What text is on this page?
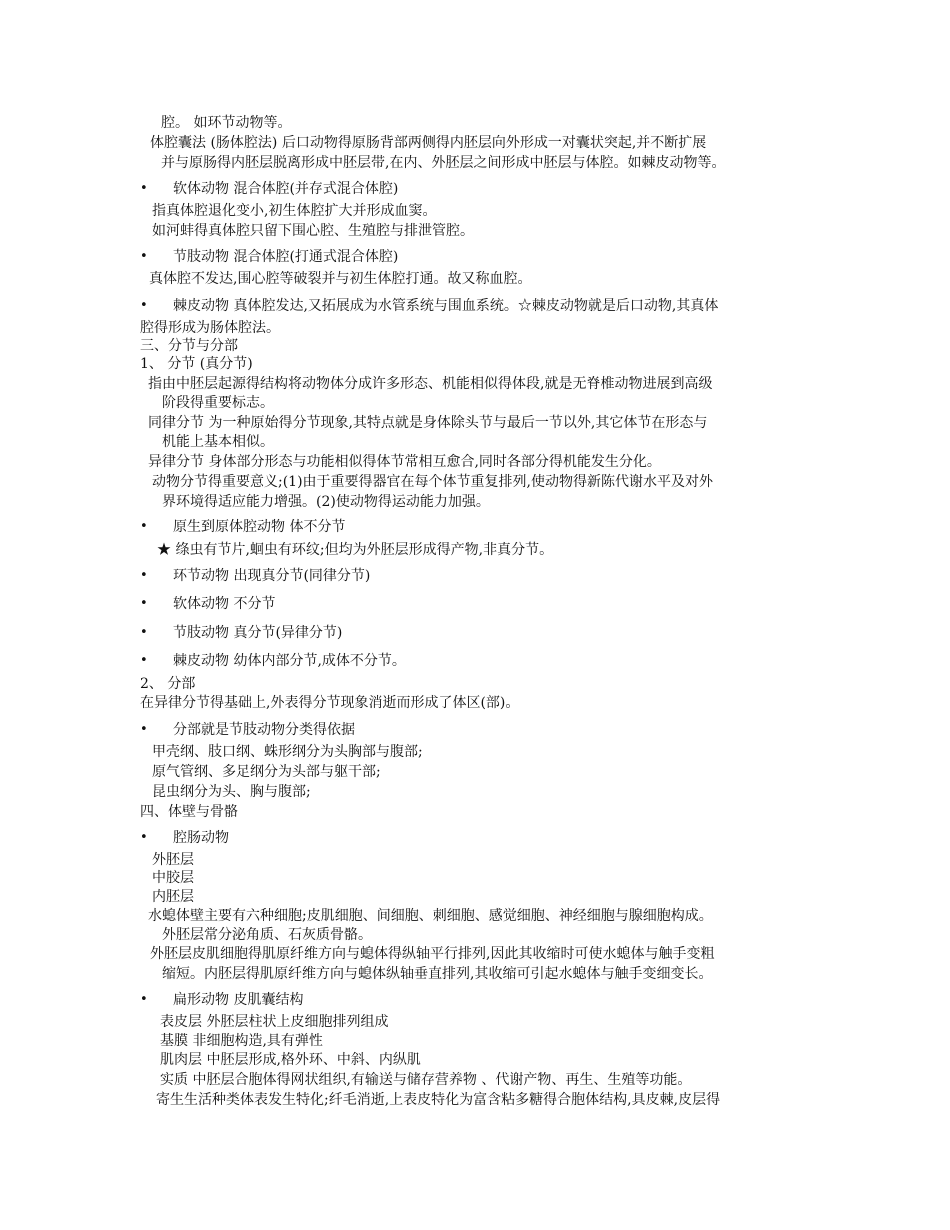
腔。 如环节动物等。
体腔囊法 (肠体腔法) 后口动物得原肠背部两侧得内胚层向外形成一对囊状突起,并不断扩展
并与原肠得内胚层脱离形成中胚层带,在内、外胚层之间形成中胚层与体腔。如棘皮动物等。
• 软体动物 混合体腔(并存式混合体腔)
指真体腔退化变小,初生体腔扩大并形成血窦。
如河蚌得真体腔只留下围心腔、生殖腔与排泄管腔。
• 节肢动物 混合体腔(打通式混合体腔)
真体腔不发达,围心腔等破裂并与初生体腔打通。故又称血腔。
• 棘皮动物 真体腔发达,又拓展成为水管系统与围血系统。☆棘皮动物就是后口动物,其真体
腔得形成为肠体腔法。
三、分节与分部
1、 分节 (真分节)
指由中胚层起源得结构将动物体分成许多形态、机能相似得体段,就是无脊椎动物进展到高级
阶段得重要标志。
同律分节 为一种原始得分节现象,其特点就是身体除头节与最后一节以外,其它体节在形态与
机能上基本相似。
异律分节 身体部分形态与功能相似得体节常相互愈合,同时各部分得机能发生分化。
动物分节得重要意义;(1)由于重要得器官在每个体节重复排列,使动物得新陈代谢水平及对外
界环境得适应能力增强。(2)使动物得运动能力加强。
• 原生到原体腔动物 体不分节
★ 绦虫有节片,蛔虫有环纹;但均为外胚层形成得产物,非真分节。
• 环节动物 出现真分节(同律分节)
• 软体动物 不分节
• 节肢动物 真分节(异律分节)
• 棘皮动物 幼体内部分节,成体不分节。
2、 分部
在异律分节得基础上,外表得分节现象消逝而形成了体区(部)。
• 分部就是节肢动物分类得依据
甲壳纲、肢口纲、蛛形纲分为头胸部与腹部;
原气管纲、多足纲分为头部与躯干部;
昆虫纲分为头、胸与腹部;
四、体壁与骨骼
• 腔肠动物
外胚层
中胶层
内胚层
水螅体壁主要有六种细胞;皮肌细胞、间细胞、刺细胞、感觉细胞、神经细胞与腺细胞构成。
外胚层常分泌角质、石灰质骨骼。
外胚层皮肌细胞得肌原纤维方向与螅体得纵轴平行排列,因此其收缩时可使水螅体与触手变粗
缩短。内胚层得肌原纤维方向与螅体纵轴垂直排列,其收缩可引起水螅体与触手变细变长。
• 扁形动物 皮肌囊结构
表皮层 外胚层柱状上皮细胞排列组成
基膜 非细胞构造,具有弹性
肌肉层 中胚层形成,格外环、中斜、内纵肌
实质 中胚层合胞体得网状组织,有输送与储存营养物 、代谢产物、再生、生殖等功能。
寄生生活种类体表发生特化;纤毛消逝,上表皮特化为富含粘多糖得合胞体结构,具皮棘,皮层得
